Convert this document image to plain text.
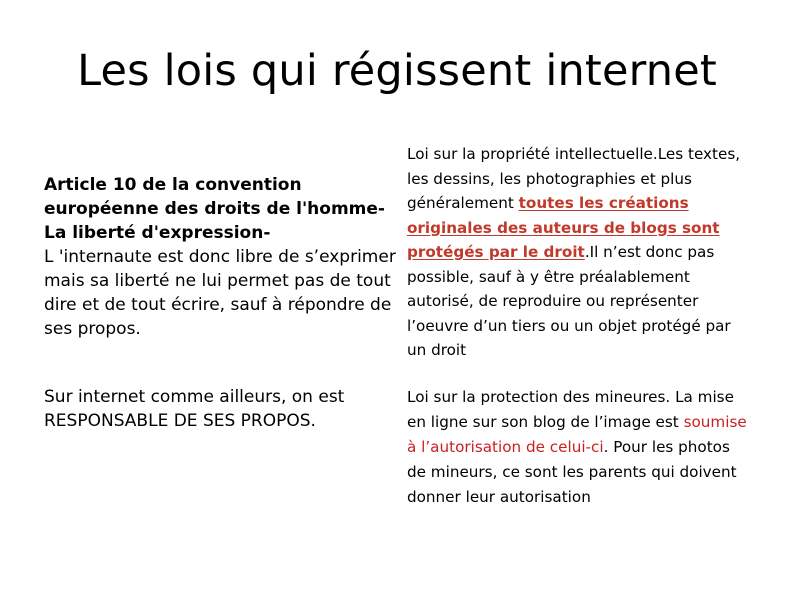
Les lois qui régissent internet
Article 10 de la convention européenne des droits de l'homme- La liberté d'expression-
L 'internaute est donc libre de s’exprimer mais sa liberté ne lui permet pas de tout dire et de tout écrire, sauf à répondre de ses propos.
Sur internet comme ailleurs, on est RESPONSABLE DE SES PROPOS.
Loi sur la propriété intellectuelle.Les textes, les dessins, les photographies et plus généralement toutes les créations originales des auteurs de blogs sont protégés par le droit.Il n’est donc pas possible, sauf à y être préalablement autorisé, de reproduire ou représenter l’oeuvre d’un tiers ou un objet protégé par un droit
Loi sur la protection des mineures. La mise en ligne sur son blog de l’image est soumise à l’autorisation de celui-ci. Pour les photos de mineurs, ce sont les parents qui doivent donner leur autorisation
